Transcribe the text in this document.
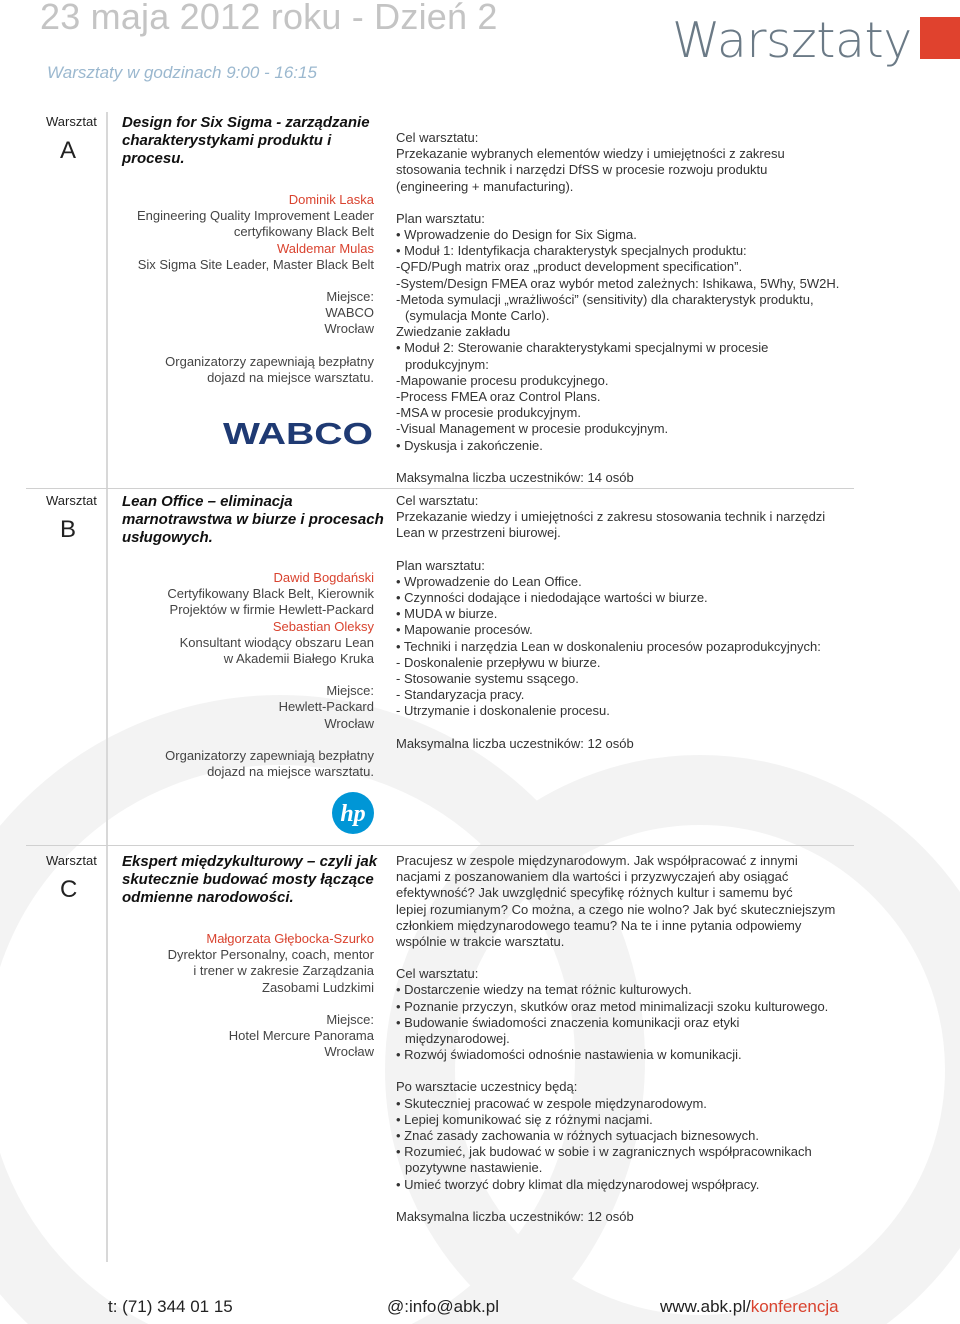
23 maja 2012 roku - Dzień 2
Warsztaty w godzinach 9:00 - 16:15
Warsztaty
Warsztat
A
Design for Six Sigma - zarządzanie charakterystykami produktu i procesu.
Dominik Laska
Engineering Quality Improvement Leader
certyfikowany Black Belt
Waldemar Mulas
Six Sigma Site Leader, Master Black Belt
Miejsce:
WABCO
Wrocław
Organizatorzy zapewniają bezpłatny
dojazd na miejsce warsztatu.
WABCO
Cel warsztatu:
Przekazanie wybranych elementów wiedzy i umiejętności z zakresu
stosowania technik i narzędzi DfSS w procesie rozwoju produktu
(engineering + manufacturing).
Plan warsztatu:
• Wprowadzenie do Design for Six Sigma.
• Moduł 1: Identyfikacja charakterystyk specjalnych produktu:
-QFD/Pugh matrix oraz „product development specification”.
-System/Design FMEA oraz wybór metod zależnych: Ishikawa, 5Why, 5W2H.
-Metoda symulacji „wrażliwości” (sensitivity) dla charakterystyk produktu,
(symulacja Monte Carlo).
Zwiedzanie zakładu
• Moduł 2: Sterowanie charakterystykami specjalnymi w procesie
produkcyjnym:
-Mapowanie procesu produkcyjnego.
-Process FMEA oraz Control Plans.
-MSA w procesie produkcyjnym.
-Visual Management w procesie produkcyjnym.
• Dyskusja i zakończenie.
Maksymalna liczba uczestników: 14 osób
Warsztat
B
Lean Office – eliminacja marnotrawstwa w biurze i procesach usługowych.
Dawid Bogdański
Certyfikowany Black Belt, Kierownik
Projektów w firmie Hewlett-Packard
Sebastian Oleksy
Konsultant wiodący obszaru Lean
w Akademii Białego Kruka
Miejsce:
Hewlett-Packard
Wrocław
Organizatorzy zapewniają bezpłatny
dojazd na miejsce warsztatu.
hp
Cel warsztatu:
Przekazanie wiedzy i umiejętności z zakresu stosowania technik i narzędzi
Lean w przestrzeni biurowej.
Plan warsztatu:
• Wprowadzenie do Lean Office.
• Czynności dodające i niedodające wartości w biurze.
• MUDA w biurze.
• Mapowanie procesów.
• Techniki i narzędzia Lean w doskonaleniu procesów pozaprodukcyjnych:
- Doskonalenie przepływu w biurze.
- Stosowanie systemu ssącego.
- Standaryzacja pracy.
- Utrzymanie i doskonalenie procesu.
Maksymalna liczba uczestników: 12 osób
Warsztat
C
Ekspert międzykulturowy – czyli jak skutecznie budować mosty łączące odmienne narodowości.
Małgorzata Głębocka-Szurko
Dyrektor Personalny, coach, mentor
i trener w zakresie Zarządzania
Zasobami Ludzkimi
Miejsce:
Hotel Mercure Panorama
Wrocław
Pracujesz w zespole międzynarodowym. Jak współpracować z innymi
nacjami z poszanowaniem dla wartości i przyzwyczajeń aby osiągać
efektywność? Jak uwzględnić specyfikę różnych kultur i samemu być
lepiej rozumianym? Co można, a czego nie wolno? Jak być skuteczniejszym
członkiem międzynarodowego teamu? Na te i inne pytania odpowiemy
wspólnie w trakcie warsztatu.
Cel warsztatu:
• Dostarczenie wiedzy na temat różnic kulturowych.
• Poznanie przyczyn, skutków oraz metod minimalizacji szoku kulturowego.
• Budowanie świadomości znaczenia komunikacji oraz etyki
międzynarodowej.
• Rozwój świadomości odnośnie nastawienia w komunikacji.
Po warsztacie uczestnicy będą:
• Skuteczniej pracować w zespole międzynarodowym.
• Lepiej komunikować się z różnymi nacjami.
• Znać zasady zachowania w różnych sytuacjach biznesowych.
• Rozumieć, jak budować w sobie i w zagranicznych współpracownikach
pozytywne nastawienie.
• Umieć tworzyć dobry klimat dla międzynarodowej współpracy.
Maksymalna liczba uczestników: 12 osób
t: (71) 344 01 15	@:info@abk.pl	www.abk.pl/konferencja
